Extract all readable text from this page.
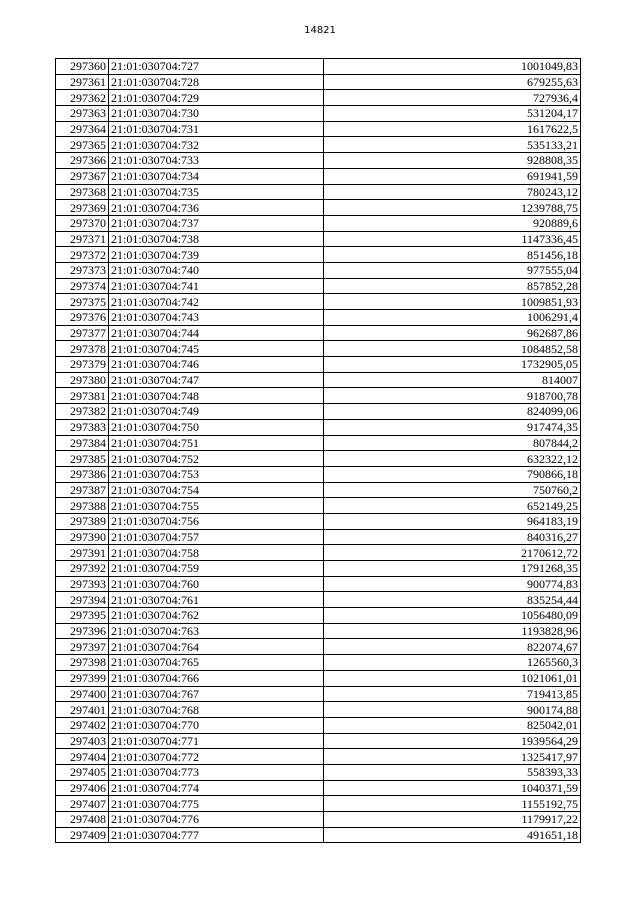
14821
297360	21:01:030704:727	1001049,83
297361	21:01:030704:728	679255,63
297362	21:01:030704:729	727936,4
297363	21:01:030704:730	531204,17
297364	21:01:030704:731	1617622,5
297365	21:01:030704:732	535133,21
297366	21:01:030704:733	928808,35
297367	21:01:030704:734	691941,59
297368	21:01:030704:735	780243,12
297369	21:01:030704:736	1239788,75
297370	21:01:030704:737	920889,6
297371	21:01:030704:738	1147336,45
297372	21:01:030704:739	851456,18
297373	21:01:030704:740	977555,04
297374	21:01:030704:741	857852,28
297375	21:01:030704:742	1009851,93
297376	21:01:030704:743	1006291,4
297377	21:01:030704:744	962687,86
297378	21:01:030704:745	1084852,58
297379	21:01:030704:746	1732905,05
297380	21:01:030704:747	814007
297381	21:01:030704:748	918700,78
297382	21:01:030704:749	824099,06
297383	21:01:030704:750	917474,35
297384	21:01:030704:751	807844,2
297385	21:01:030704:752	632322,12
297386	21:01:030704:753	790866,18
297387	21:01:030704:754	750760,2
297388	21:01:030704:755	652149,25
297389	21:01:030704:756	964183,19
297390	21:01:030704:757	840316,27
297391	21:01:030704:758	2170612,72
297392	21:01:030704:759	1791268,35
297393	21:01:030704:760	900774,83
297394	21:01:030704:761	835254,44
297395	21:01:030704:762	1056480,09
297396	21:01:030704:763	1193828,96
297397	21:01:030704:764	822074,67
297398	21:01:030704:765	1265560,3
297399	21:01:030704:766	1021061,01
297400	21:01:030704:767	719413,85
297401	21:01:030704:768	900174,88
297402	21:01:030704:770	825042,01
297403	21:01:030704:771	1939564,29
297404	21:01:030704:772	1325417,97
297405	21:01:030704:773	558393,33
297406	21:01:030704:774	1040371,59
297407	21:01:030704:775	1155192,75
297408	21:01:030704:776	1179917,22
297409	21:01:030704:777	491651,18
